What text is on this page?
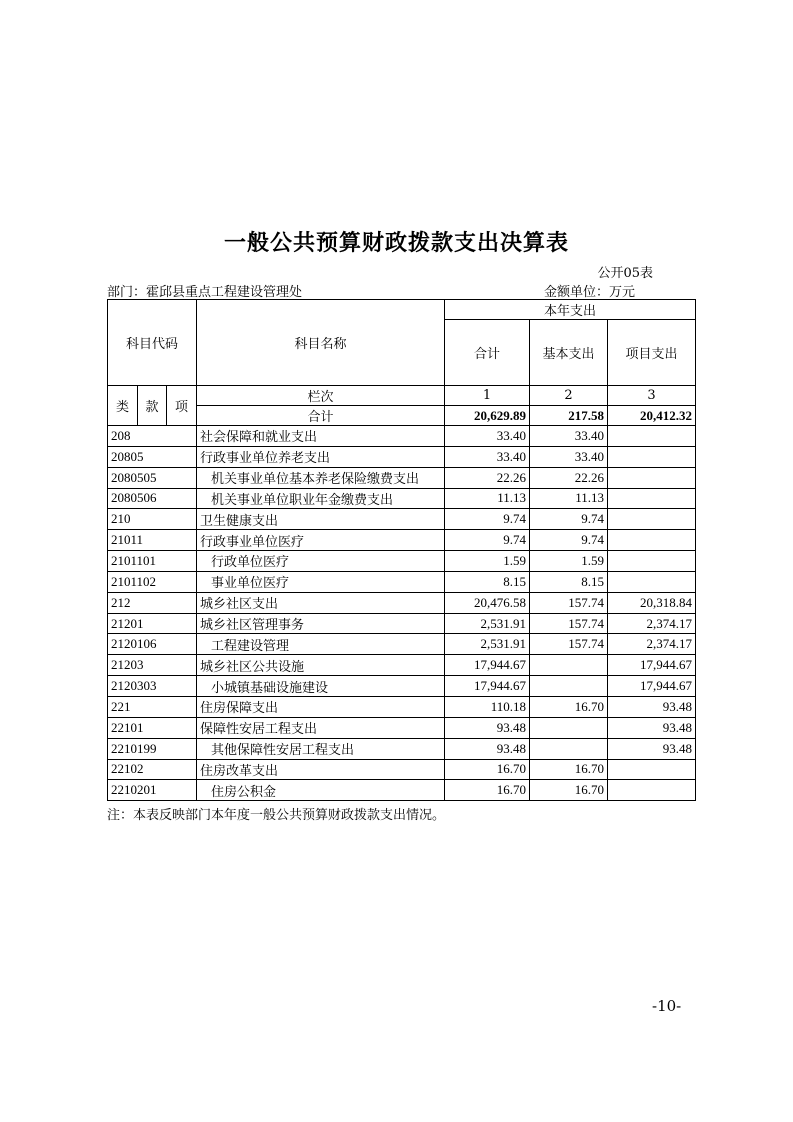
一般公共预算财政拨款支出决算表
公开05表
部门：霍邱县重点工程建设管理处	金额单位：万元
科目代码			科目名称	本年支出		
				合计	基本支出	项目支出
类	款	项	栏次	1	2	3
			合计	20,629.89	217.58	20,412.32
208			社会保障和就业支出	33.40	33.40	
20805			行政事业单位养老支出	33.40	33.40	
2080505			机关事业单位基本养老保险缴费支出	22.26	22.26	
2080506			机关事业单位职业年金缴费支出	11.13	11.13	
210			卫生健康支出	9.74	9.74	
21011			行政事业单位医疗	9.74	9.74	
2101101			行政单位医疗	1.59	1.59	
2101102			事业单位医疗	8.15	8.15	
212			城乡社区支出	20,476.58	157.74	20,318.84
21201			城乡社区管理事务	2,531.91	157.74	2,374.17
2120106			工程建设管理	2,531.91	157.74	2,374.17
21203			城乡社区公共设施	17,944.67		17,944.67
2120303			小城镇基础设施建设	17,944.67		17,944.67
221			住房保障支出	110.18	16.70	93.48
22101			保障性安居工程支出	93.48		93.48
2210199			其他保障性安居工程支出	93.48		93.48
22102			住房改革支出	16.70	16.70	
2210201			住房公积金	16.70	16.70	
注：本表反映部门本年度一般公共预算财政拨款支出情况。
-10-
